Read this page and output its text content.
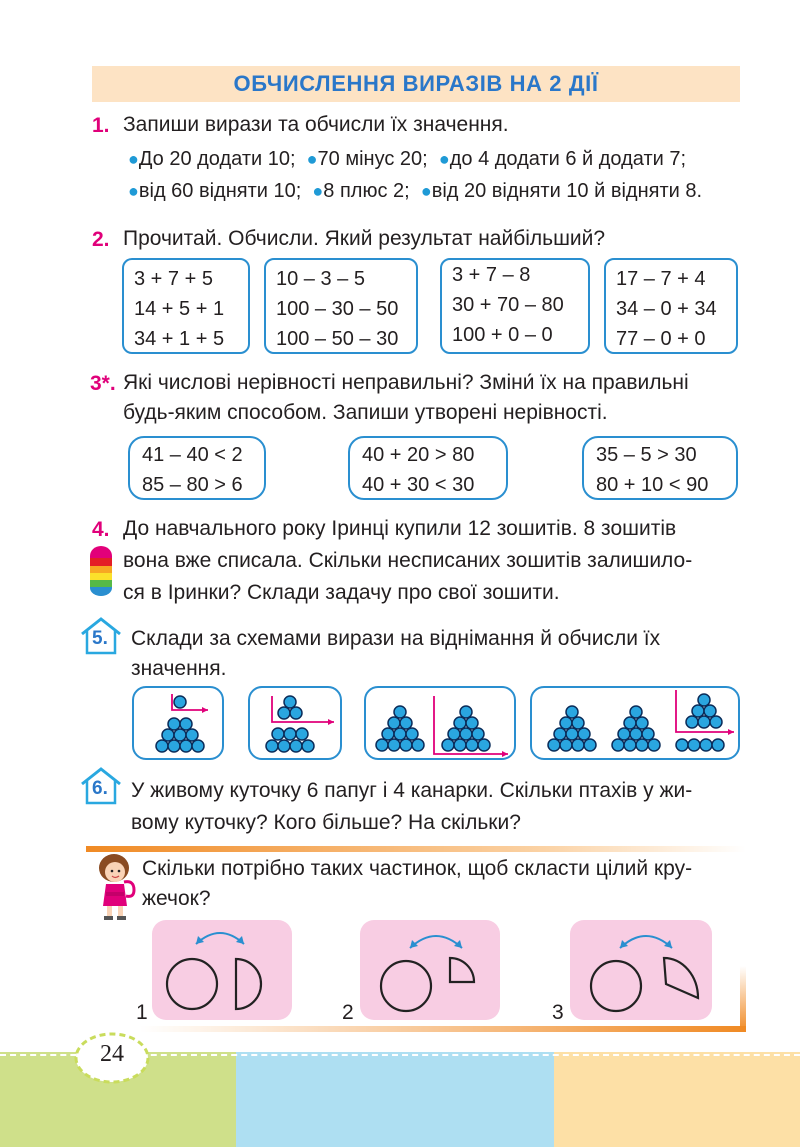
ОБЧИСЛЕННЯ ВИРАЗІВ НА 2 ДІЇ
1. Запиши вирази та обчисли їх значення.
●До 20 додати 10; ●70 мінус 20; ●до 4 додати 6 й додати 7;
●від 60 відняти 10; ●8 плюс 2; ●від 20 відняти 10 й відняти 8.
2. Прочитай. Обчисли. Який результат найбільший?
3 + 7 + 5
14 + 5 + 1
34 + 1 + 5
10 – 3 – 5
100 – 30 – 50
100 – 50 – 30
3 + 7 – 8
30 + 70 – 80
100 + 0 – 0
17 – 7 + 4
34 – 0 + 34
77 – 0 + 0
3*. Які числові нерівності неправильні? Зміни́ їх на правильні
будь-яким способом. Запиши утворені нерівності.
41 – 40 < 2
85 – 80 > 6
40 + 20 > 80
40 + 30 < 30
35 – 5 > 30
80 + 10 < 90
4. До навчального року Іринці купили 12 зошитів. 8 зошитів
вона вже списала. Скільки несписаних зошитів залишило-
ся в Іринки? Склади задачу про свої зошити.
5. Склади за схемами вирази на віднімання й обчисли їх
значення.
6. У живому куточку 6 папуг і 4 канарки. Скільки птахів у жи-
вому куточку? Кого більше? На скільки?
?
Скільки потрібно таких частинок, щоб скласти цілий кру-
жечок?
1	2	3
24
